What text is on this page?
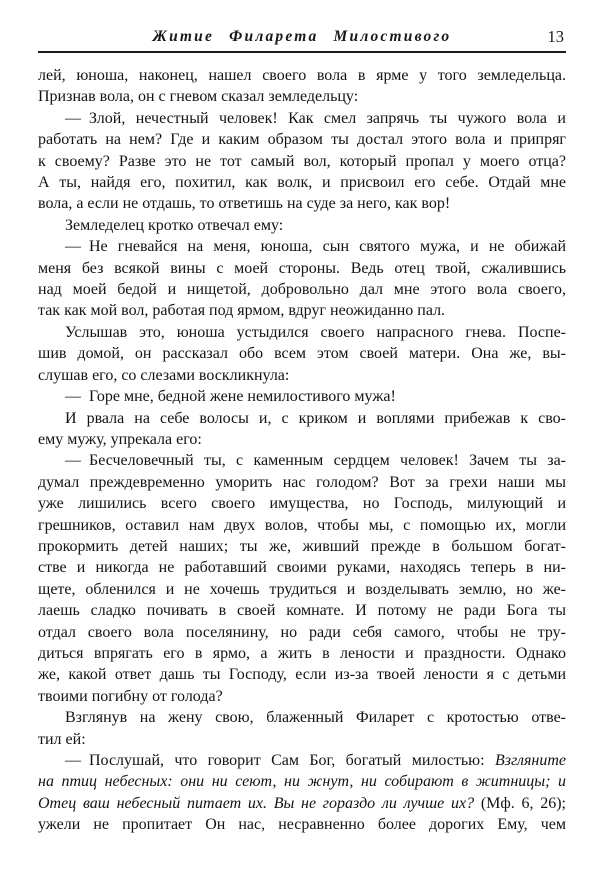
Житие Филарета Милостивого	13
лей, юноша, наконец, нашел своего вола в ярме у того земледельца.
Признав вола, он с гневом сказал земледельцу:
— Злой, нечестный человек! Как смел запрячь ты чужого вола и
работать на нем? Где и каким образом ты достал этого вола и припряг
к своему? Разве это не тот самый вол, который пропал у моего отца?
А ты, найдя его, похитил, как волк, и присвоил его себе. Отдай мне
вола, а если не отдашь, то ответишь на суде за него, как вор!
Земледелец кротко отвечал ему:
— Не гневайся на меня, юноша, сын святого мужа, и не обижай
меня без всякой вины с моей стороны. Ведь отец твой, сжалившись
над моей бедой и нищетой, добровольно дал мне этого вола своего,
так как мой вол, работая под ярмом, вдруг неожиданно пал.
Услышав это, юноша устыдился своего напрасного гнева. Поспе-
шив домой, он рассказал обо всем этом своей матери. Она же, вы-
слушав его, со слезами воскликнула:
— Горе мне, бедной жене немилостивого мужа!
И рвала на себе волосы и, с криком и воплями прибежав к сво-
ему мужу, упрекала его:
— Бесчеловечный ты, с каменным сердцем человек! Зачем ты за-
думал преждевременно уморить нас голодом? Вот за грехи наши мы
уже лишились всего своего имущества, но Господь, милующий и
грешников, оставил нам двух волов, чтобы мы, с помощью их, могли
прокормить детей наших; ты же, живший прежде в большом богат-
стве и никогда не работавший своими руками, находясь теперь в ни-
щете, обленился и не хочешь трудиться и возделывать землю, но же-
лаешь сладко почивать в своей комнате. И потому не ради Бога ты
отдал своего вола поселянину, но ради себя самого, чтобы не тру-
диться впрягать его в ярмо, а жить в лености и праздности. Однако
же, какой ответ дашь ты Господу, если из-за твоей лености я с детьми
твоими погибну от голода?
Взглянув на жену свою, блаженный Филарет с кротостью отве-
тил ей:
— Послушай, что говорит Сам Бог, богатый милостью: Взгляните
на птиц небесных: они ни сеют, ни жнут, ни собирают в житницы; и
Отец ваш небесный питает их. Вы не гораздо ли лучше их? (Мф. 6, 26);
ужели не пропитает Он нас, несравненно более дорогих Ему, чем
